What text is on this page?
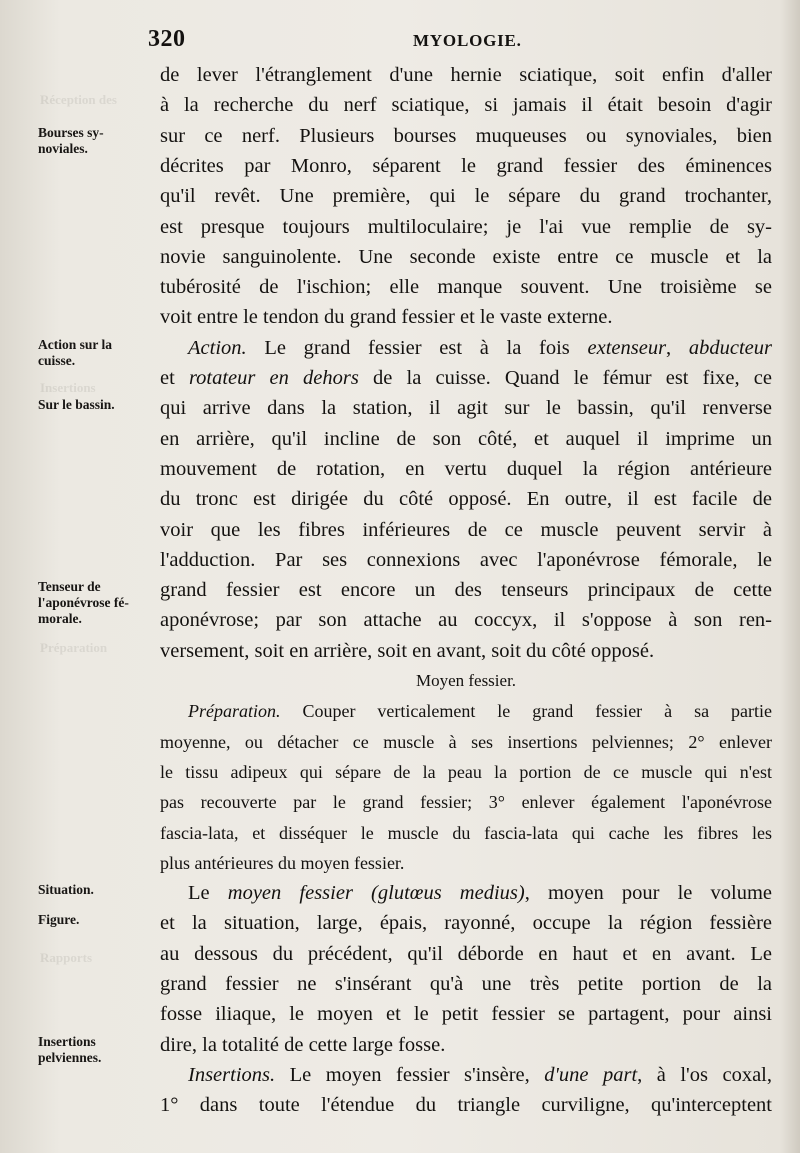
Réception des
Insertions
Préparation
Rapports
320	MYOLOGIE.
Bourses sy-
noviales.
Action sur la
cuisse.
Sur le bassin.
Tenseur de
l'aponévrose fé-
morale.
Situation.
Figure.
Insertions
pelviennes.
de lever l'étranglement d'une hernie sciatique, soit enfin d'aller
à la recherche du nerf sciatique, si jamais il était besoin d'agir
sur ce nerf. Plusieurs bourses muqueuses ou synoviales, bien
décrites par Monro, séparent le grand fessier des éminences
qu'il revêt. Une première, qui le sépare du grand trochanter,
est presque toujours multiloculaire; je l'ai vue remplie de sy-
novie sanguinolente. Une seconde existe entre ce muscle et la
tubérosité de l'ischion; elle manque souvent. Une troisième se
voit entre le tendon du grand fessier et le vaste externe.
Action. Le grand fessier est à la fois extenseur, abducteur
et rotateur en dehors de la cuisse. Quand le fémur est fixe, ce
qui arrive dans la station, il agit sur le bassin, qu'il renverse
en arrière, qu'il incline de son côté, et auquel il imprime un
mouvement de rotation, en vertu duquel la région antérieure
du tronc est dirigée du côté opposé. En outre, il est facile de
voir que les fibres inférieures de ce muscle peuvent servir à
l'adduction. Par ses connexions avec l'aponévrose fémorale, le
grand fessier est encore un des tenseurs principaux de cette
aponévrose; par son attache au coccyx, il s'oppose à son ren-
versement, soit en arrière, soit en avant, soit du côté opposé.
Moyen fessier.
Préparation. Couper verticalement le grand fessier à sa partie
moyenne, ou détacher ce muscle à ses insertions pelviennes; 2° enlever
le tissu adipeux qui sépare de la peau la portion de ce muscle qui n'est
pas recouverte par le grand fessier; 3° enlever également l'aponévrose
fascia-lata, et disséquer le muscle du fascia-lata qui cache les fibres les
plus antérieures du moyen fessier.
Le moyen fessier (glutœus medius), moyen pour le volume
et la situation, large, épais, rayonné, occupe la région fessière
au dessous du précédent, qu'il déborde en haut et en avant. Le
grand fessier ne s'insérant qu'à une très petite portion de la
fosse iliaque, le moyen et le petit fessier se partagent, pour ainsi
dire, la totalité de cette large fosse.
Insertions. Le moyen fessier s'insère, d'une part, à l'os coxal,
1° dans toute l'étendue du triangle curviligne, qu'interceptent
